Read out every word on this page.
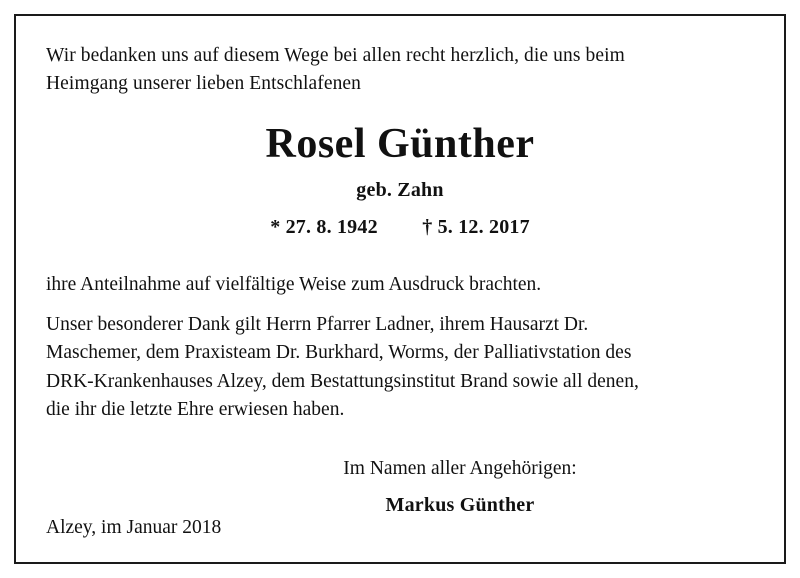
Wir bedanken uns auf diesem Wege bei allen recht herzlich, die uns beim
Heimgang unserer lieben Entschlafenen
Rosel Günther
geb. Zahn
* 27. 8. 1942 † 5. 12. 2017
ihre Anteilnahme auf vielfältige Weise zum Ausdruck brachten.
Unser besonderer Dank gilt Herrn Pfarrer Ladner, ihrem Hausarzt Dr.
Maschemer, dem Praxisteam Dr. Burkhard, Worms, der Palliativstation des
DRK-Krankenhauses Alzey, dem Bestattungsinstitut Brand sowie all denen,
die ihr die letzte Ehre erwiesen haben.
Im Namen aller Angehörigen:
Markus Günther
Alzey, im Januar 2018
